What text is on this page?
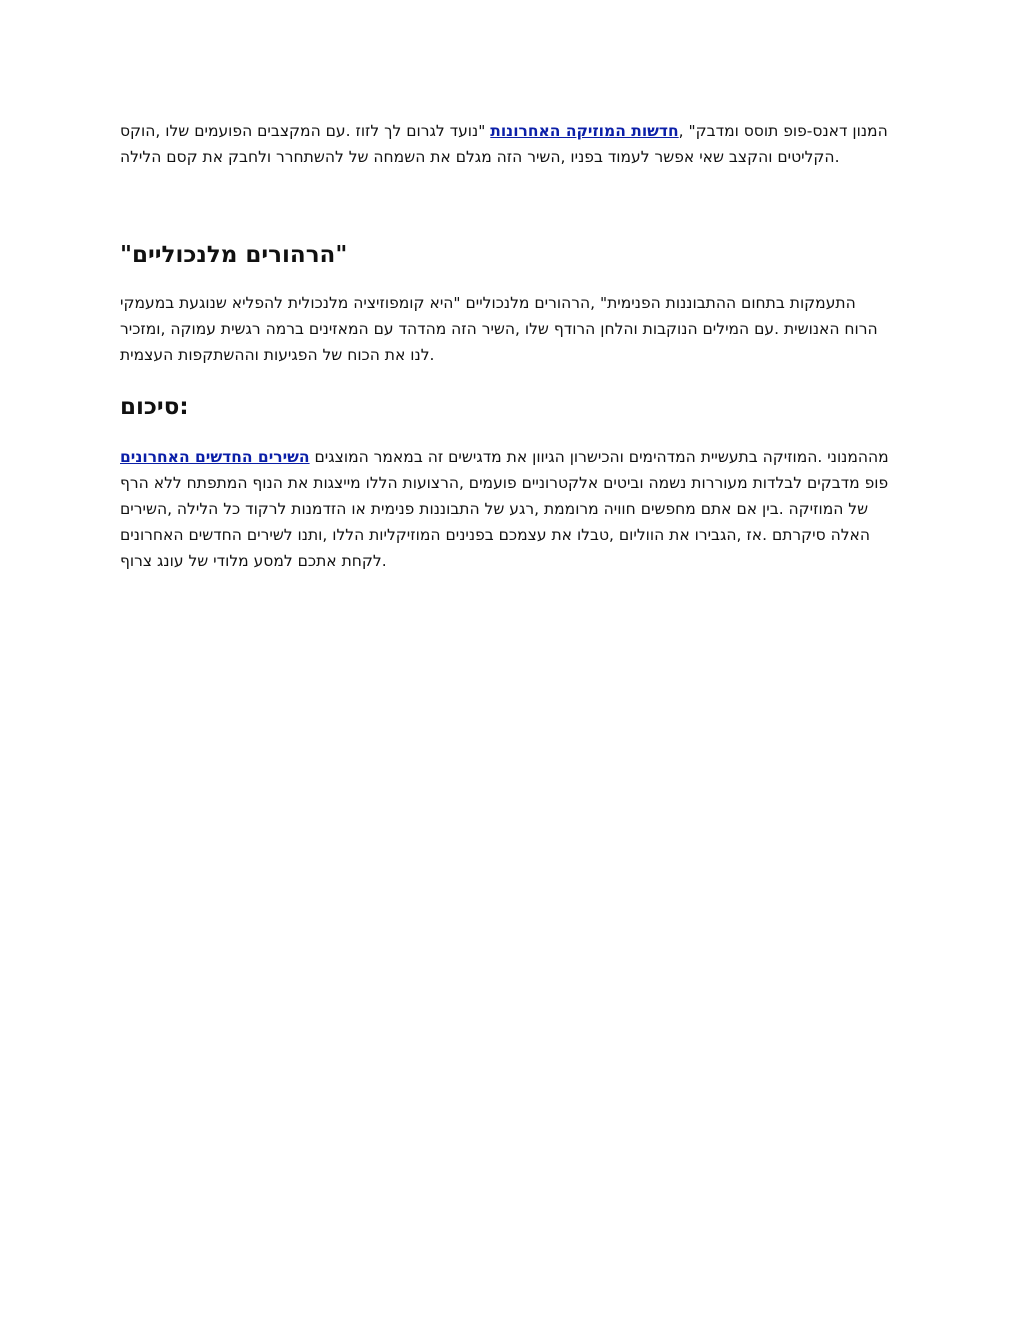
המנון דאנס-פופ תוסס ומדבק" ,חדשות המוזיקה האחרונות "נועד לגרום לך לזוז .עם המקצבים הפועמים שלו ,הוקס
הקליטים והקצב שאי אפשר לעמוד בפניו ,השיר הזה מגלם את השמחה של להשתחרר ולחבק את קסם הלילה.
"הרהורים מלנכוליים"
התעמקות בתחום ההתבוננות הפנימית" ,הרהורים מלנכוליים "היא קומפוזיציה מלנכולית להפליא שנוגעת במעמקי
הרוח האנושית .עם המילים הנוקבות והלחן הרודף שלו ,השיר הזה מהדהד עם המאזינים ברמה רגשית עמוקה ,ומזכיר
לנו את הכוח של הפגיעות וההשתקפות העצמית.
סיכום:
מההמנוני .המוזיקה בתעשיית המדהימים והכישרון הגיוון את מדגישים זה במאמר המוצגים השירים החדשים האחרונים
פופ מדבקים לבלדות מעוררות נשמה וביטים אלקטרוניים פועמים ,הרצועות הללו מייצגות את הנוף המתפתח ללא הרף
של המוזיקה .בין אם אתם מחפשים חוויה מרוממת ,רגע של התבוננות פנימית או הזדמנות לרקוד כל הלילה ,השירים
האלה סיקרתם .אז ,הגבירו את הווליום ,טבלו את עצמכם בפנינים המוזיקליות הללו ,ותנו לשירים החדשים האחרונים
לקחת אתכם למסע מלודי של עונג צרוף.
